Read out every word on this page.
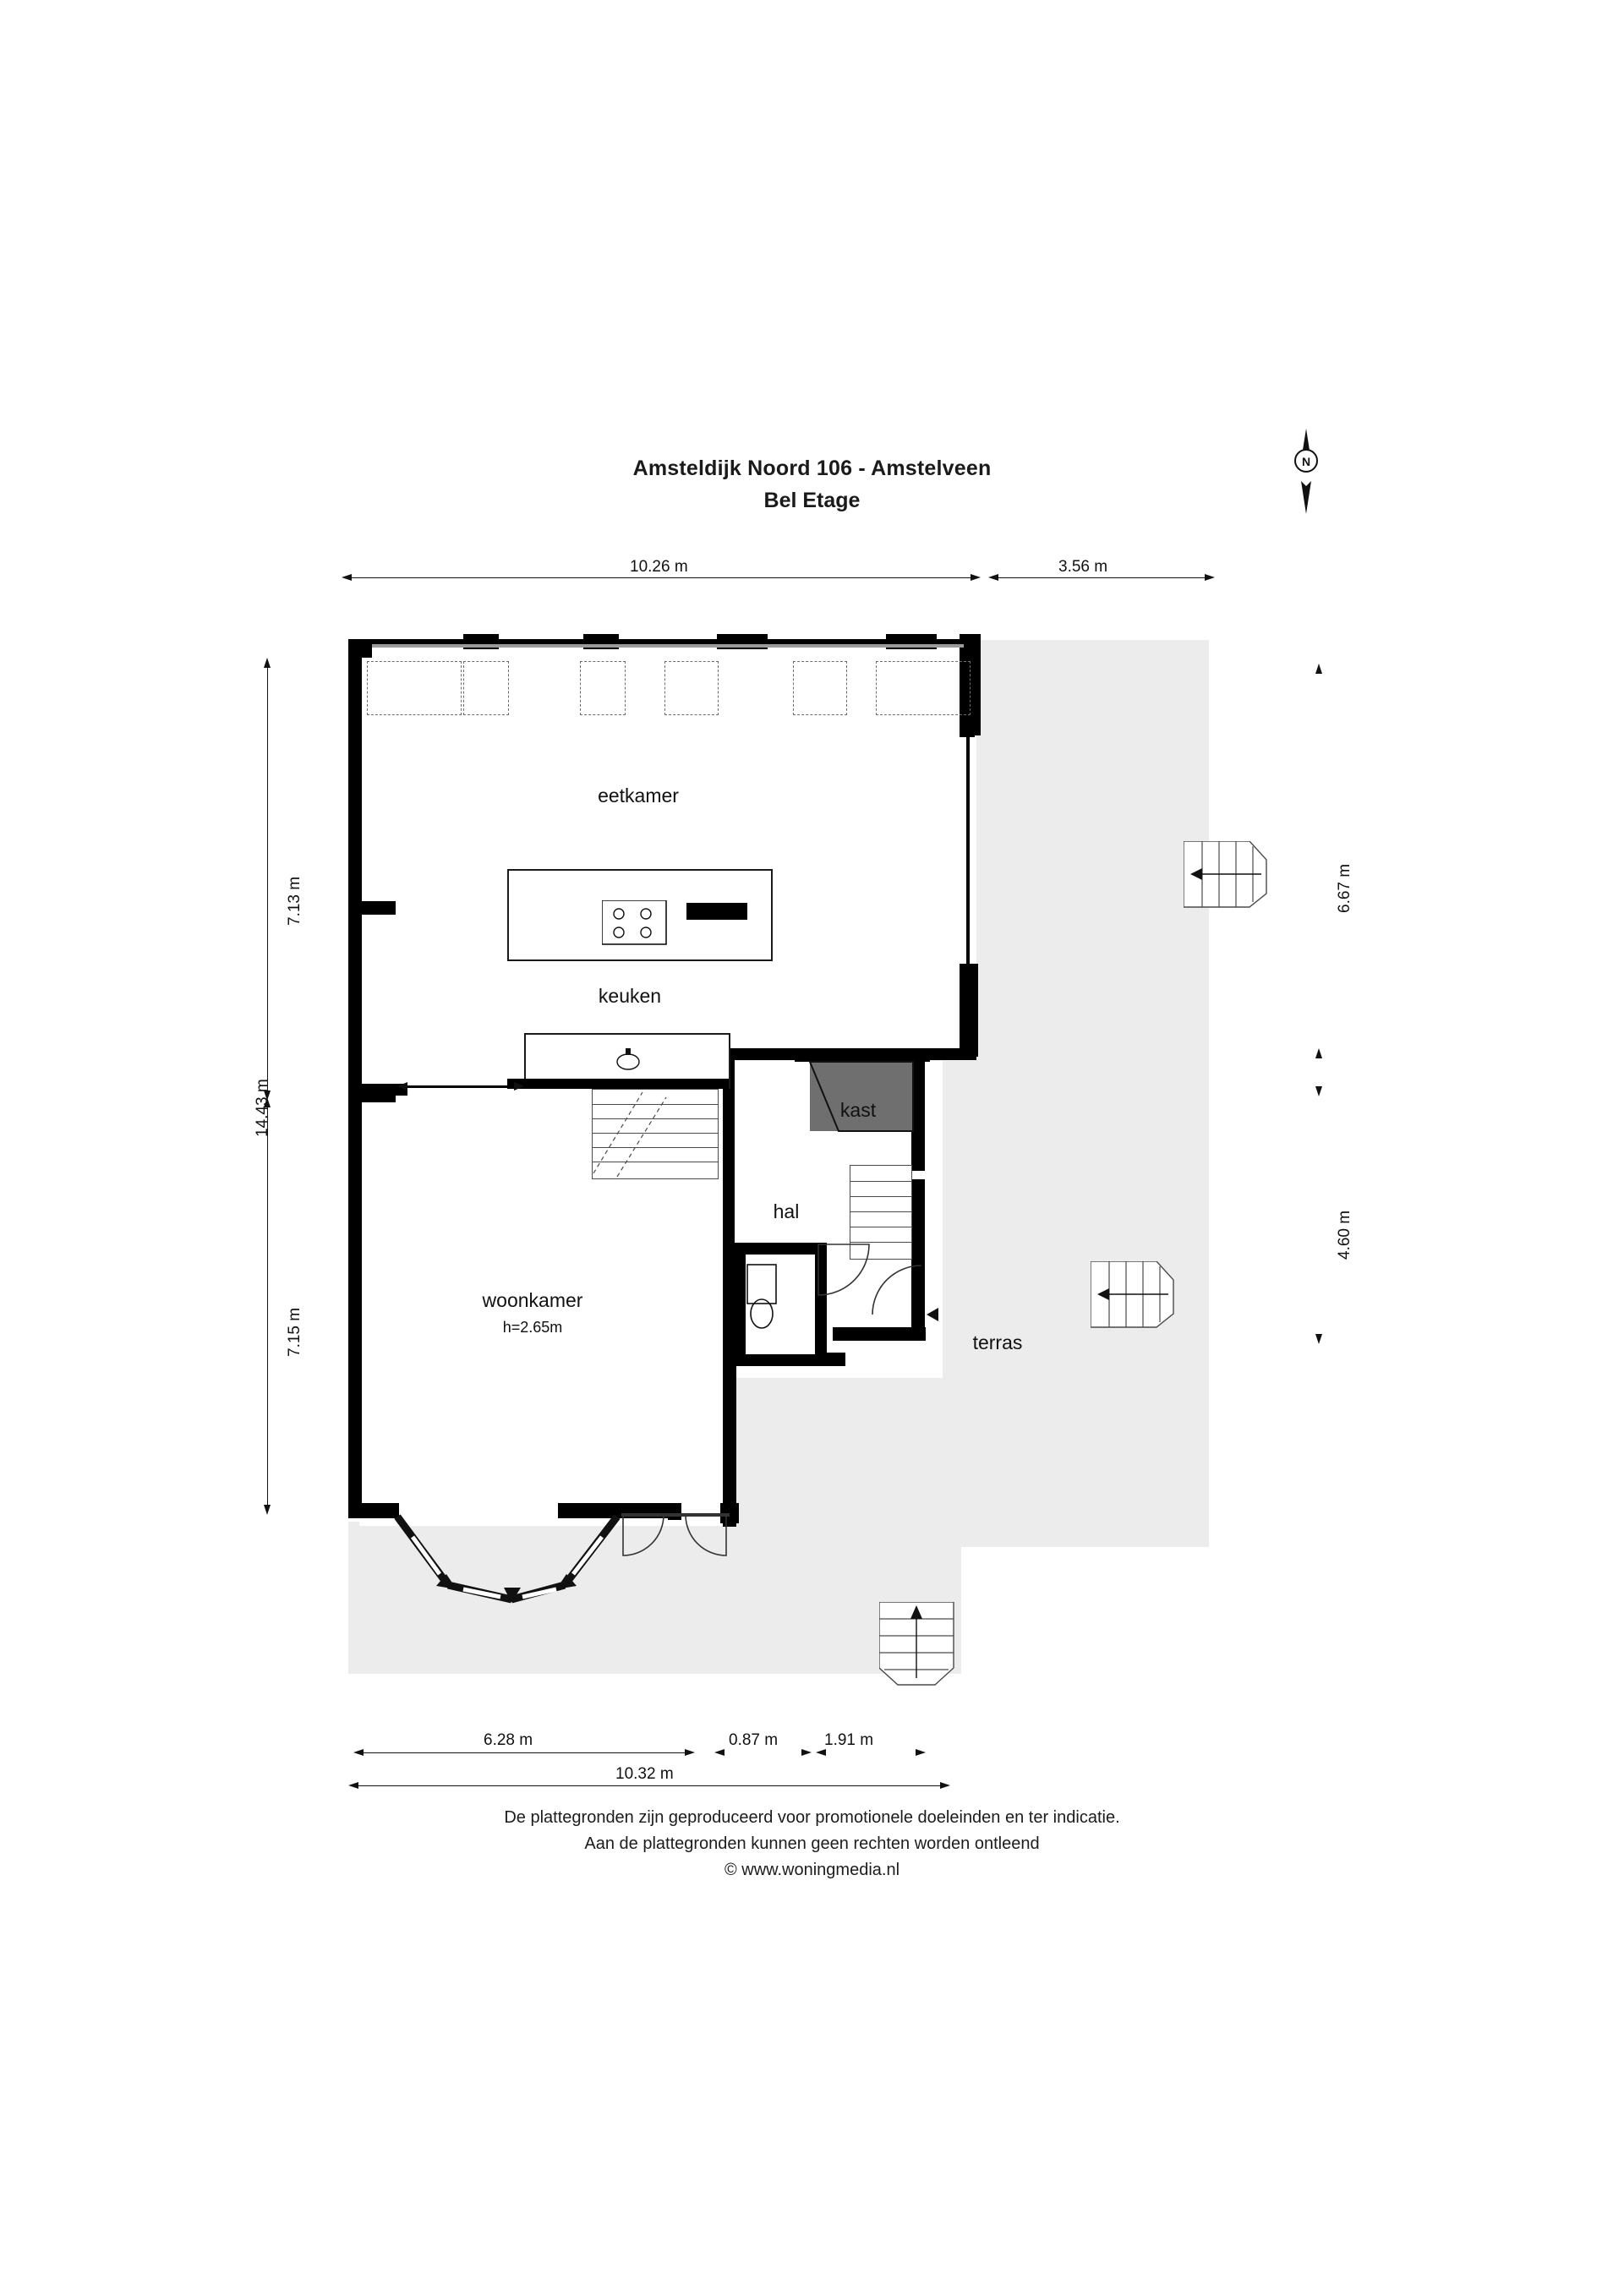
Amsteldijk Noord 106 - Amstelveen
Bel Etage
N
10.26 m	3.56 m
7.13 m
7.15 m
14.43 m
6.67 m
4.60 m
eetkamer
keuken
kast
hal
woonkamer
h=2.65m
terras
6.28 m	0.87 m	1.91 m
10.32 m
De plattegronden zijn geproduceerd voor promotionele doeleinden en ter indicatie.
Aan de plattegronden kunnen geen rechten worden ontleend
© www.woningmedia.nl
